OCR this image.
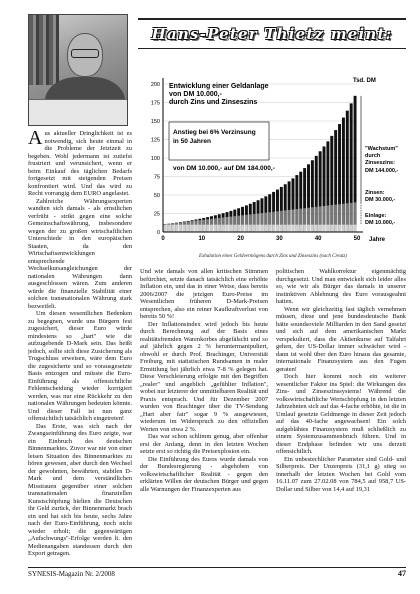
Hans-Peter Thietz meint:
0
25
50
75
100
125
150
175
200
0	10	20	30	40	50 Jahre
Tsd. DM
Entwicklung einer Geldanlage
von DM 10.000,-
durch Zins und Zinseszins
Anstieg bei 6% Verzinsung
in 50 Jahren
von DM 10.000,- auf DM 184.000,-
"Wachstum"
durch
Zinseszins:
DM 144.000,-
Zinsen:
DM 30.000,-
Einlage:
DM 10.000,-
Exhalation eines Geldvermögens durch Zins und Zinseszins (nach Creutz)

Aus aktueller Dringlichkeit ist es notwendig, sich heute einmal in die Probleme der Jetztzeit zu begeben. Wohl jedermann ist zutiefst frustriert und verunsichert, wenn er beim Einkauf des täglichen Bedarfs fortgesetzt mit steigenden Preisen konfrontiert wird. Und das wird zu Recht vorrangig dem EURO angelastet.

Zahlreiche Währungsexperten wandten sich damals - als ernstlichen verfrüht - strikt gegen eine solche Gemeinschaftswährung, insbesondere wegen der zu großen wirtschaftlichen Unterschiede in den europäischen Staaten, da den Wirtschaftsentwicklungen entsprechende Wechselkursangleichungen der nationalen Währungen dann ausgeschlossen wären. Zum anderen würde die finanzielle Stabilität einer solchen transnationalen Währung stark bezweifelt.

Um diesen wesentlichen Bedenken zu begegnen, wurde uns Bürgern fest zugesichert, dieser Euro würde mindestens so „hart" wie die aufzugebende D-Mark sein. Das heißt jedoch, sollte sich diese Zusicherung als Trugschluss erweisen, wäre dem Euro die zugesicherte und so vorausgesetzte Basis entzogen und müsste die Euro-Einführung als offensichtliche Fehlentscheidung wieder korrigiert werden, was nur eine Rückkehr zu den nationalen Währungen bedeuten könnte. Und dieser Fall ist nun ganz offensichtlich tatsächlich eingetreten!

Das Erste, was sich nach der Zwangseinführung des Euro zeigte, war ein Einbruch des deutschen Binnenmarktes. Zuvor war nie von einer leisen Situation des Binnenmarktes zu hören gewesen, aber durch den Wechsel der gewohnten, bewährten, stabilen D-Mark und dem verständlichen Misstrauen gegenüber einer solchen transnationalen finanziellen Kunstschöpfung hielten die Deutschen ihr Geld zurück, der Binnenmarkt brach ein und hat sich bis heute, sechs Jahre nach der Euro-Einführung, noch nicht wieder erholt; die gegenwärtigen „Aufschwungs"-Erfolge werden lt. den Medienangaben standessen durch den Export getragen.

Und wie damals von allen kritischen Stimmen befürchtet, setzte danach tatsächlich eine erhöhte Inflation ein, und das in einer Weise, dass bereits 2006/2007 die jetzigen Euro-Preise im Wesentlichen früheren D-Mark-Preisen entsprechen, also ein reiner Kaufkraftverlust von bereits 50 %!

Der Inflationsindex wird jedoch bis heute durch Berechnung auf der Basis eines realitätsfremden Warenkorbes abgefälscht und so auf jährlich gegen 2 % heruntermanipuliert, obwohl er durch Prof. Brachinger, Universität Freiburg, mit statistischen Rundsamen in realer Ermittlung bei jährlich etwa 7-8 % gelegen hat. Diese Verschleierung erfolgte mit den Begriffen „realer" und angeblich „gefühlter Inflation", wobei nur letzterer der unmittelbaren Realität und Praxis entsprach. Und für Dezember 2007 wurden von Brachinger über die TV-Sendung „Hart aber fair" sogar 9 % ausgewiesen, wiederum im Widerspruch zu den offiziellen Werten von etwa 2 %.

Das war schon schlimm genug, aber offenbar erst der Anfang, denn in den letzten Wochen setzte erst so richtig die Preisexplosion ein.

Die Einführung des Euros wurde damals von der Bundesregierung - abgehoben von volkswirtschaftlicher Realität - gegen den erklärten Willen der deutschen Bürger und gegen alle Warnungen der Finanzexperten aus

politischen Wahlkorrektur eigenmächtig durchgesetzt. Und man entwickelt sich leider alles so, wie wir als Bürger das damals in unserer instinktiven Ablehnung des Euro vorausgeahnt hatten.

Wenn wir gleichzeitig fast täglich vernehmen müssen, diese und jene bundesdeutsche Bank hätte soundsoviele Milliarden in den Sand gesetzt und sich auf dem amerikanischen Markt verspekuliert, dass die Aktienkurse auf Talfahrt gehen, der US-Dollar immer schwächer wird - dann ist wohl über den Euro hinaus das gesamte, internationale Finanzsystem aus den Fugen geraten!

Doch hier kommt noch ein weiterer wesentlicher Faktor ins Spiel: die Wirkungen des Zins- und Zinseszinssystems! Während die volkswirtschaftliche Wertschöpfung in den letzten Jahrzehnten sich auf das 4-fache erhöhte, ist die in Umlauf gesetzte Geldmenge in dieser Zeit jedoch auf das 40-fache angewachsen! Ein solch aufgeblähtes Finanzsystem muß schließlich zu einem Systemzusammenbruch führen. Und in dieser Endphase befinden wir uns derzeit offensichtlich.

Ein unbestechlicher Parameter sind Gold- und Silberpreis. Der Unzenpreis (31,1 g) stieg so innerhalb der letzten Wochen bei Gold vom 16.11.07 zum 27.02.08 von 784,5 auf 958,7 US-Dollar und Silber von 14,4 auf 19,31

SYNESIS-Magazin Nr. 2/2008	47
